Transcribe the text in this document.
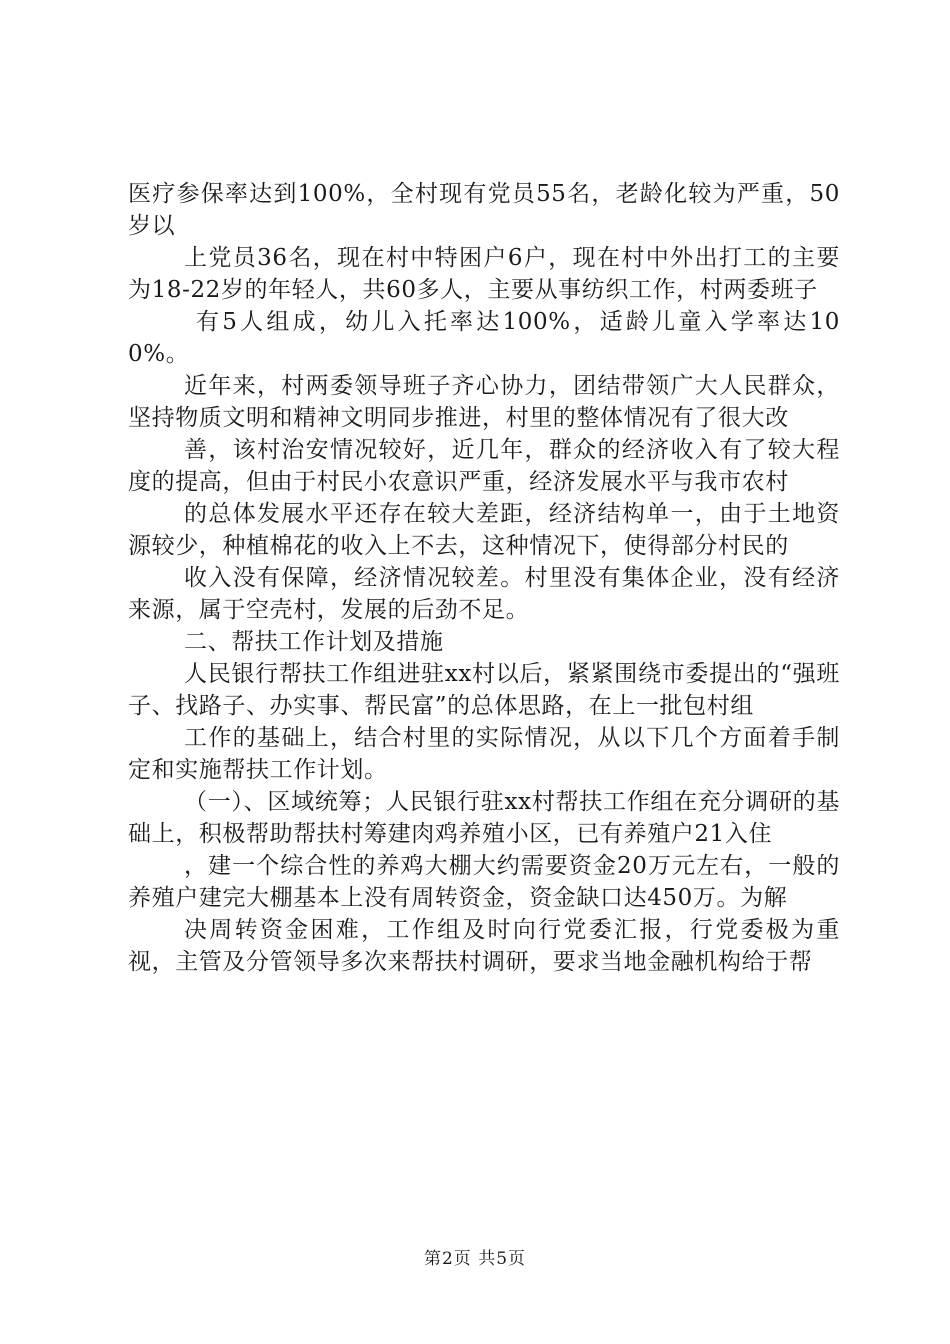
医疗参保率达到100%，全村现有党员55名，老龄化较为严重，50岁以

上党员36名，现在村中特困户6户，现在村中外出打工的主要为18-22岁的年轻人，共60多人，主要从事纺织工作，村两委班子

有5人组成，幼儿入托率达100%，适龄儿童入学率达100%。

近年来，村两委领导班子齐心协力，团结带领广大人民群众，坚持物质文明和精神文明同步推进，村里的整体情况有了很大改

善，该村治安情况较好，近几年，群众的经济收入有了较大程度的提高，但由于村民小农意识严重，经济发展水平与我市农村

的总体发展水平还存在较大差距，经济结构单一，由于土地资源较少，种植棉花的收入上不去，这种情况下，使得部分村民的

收入没有保障，经济情况较差。村里没有集体企业，没有经济来源，属于空壳村，发展的后劲不足。

二、帮扶工作计划及措施

人民银行帮扶工作组进驻xx村以后，紧紧围绕市委提出的“强班子、找路子、办实事、帮民富”的总体思路，在上一批包村组

工作的基础上，结合村里的实际情况，从以下几个方面着手制定和实施帮扶工作计划。

（一）、区域统筹；人民银行驻xx村帮扶工作组在充分调研的基础上，积极帮助帮扶村筹建肉鸡养殖小区，已有养殖户21入住

，建一个综合性的养鸡大棚大约需要资金20万元左右，一般的养殖户建完大棚基本上没有周转资金，资金缺口达450万。为解

决周转资金困难，工作组及时向行党委汇报，行党委极为重视，主管及分管领导多次来帮扶村调研，要求当地金融机构给于帮

第2页 共5页
